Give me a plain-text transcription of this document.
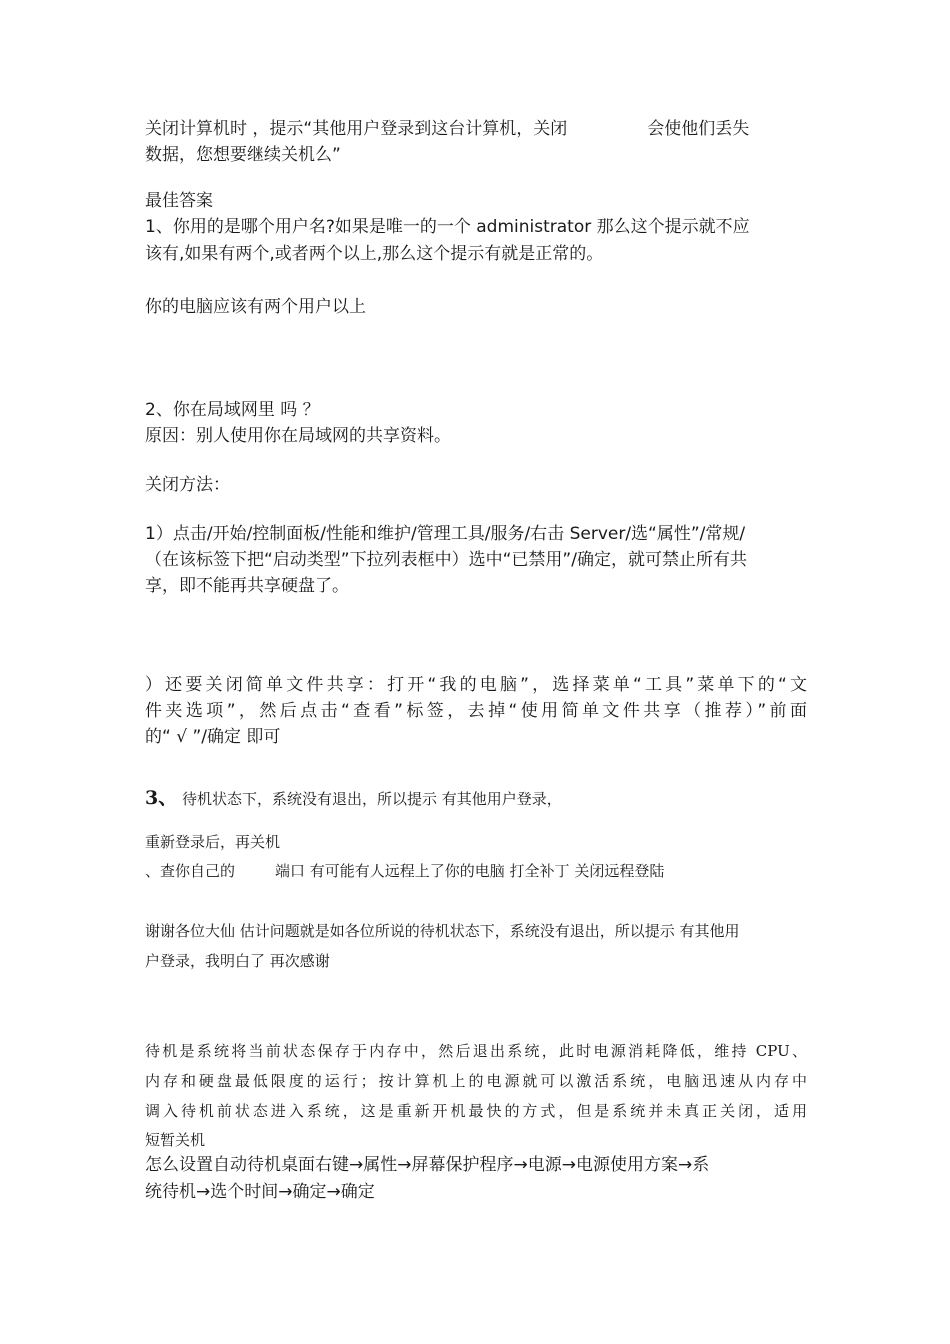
关闭计算机时 ，提示“其他用户登录到这台计算机，关闭	会使他们丢失
数据，您想要继续关机么”
最佳答案
1、你用的是哪个用户名?如果是唯一的一个 administrator 那么这个提示就不应
该有,如果有两个,或者两个以上,那么这个提示有就是正常的。
你的电脑应该有两个用户以上
2、你在局域网里 吗 ？
原因：别人使用你在局域网的共享资料。
关闭方法：
1）点击/开始/控制面板/性能和维护/管理工具/服务/右击 Server/选“属性”/常规/
（在该标签下把“启动类型”下拉列表框中）选中“已禁用”/确定，就可禁止所有共
享，即不能再共享硬盘了。
）还要关闭简单文件共享：打开“我的电脑”，选择菜单“工具”菜单下的“文
件夹选项”，然后点击“查看”标签，去掉“使用简单文件共享（推荐）”前面
的“ √ ”/确定 即可
3、 待机状态下，系统没有退出，所以提示 有其他用户登录，
重新登录后，再关机
、查你自己的	端口 有可能有人远程上了你的电脑 打全补丁 关闭远程登陆
谢谢各位大仙 估计问题就是如各位所说的待机状态下，系统没有退出，所以提示 有其他用
户登录，我明白了 再次感谢
待机是系统将当前状态保存于内存中，然后退出系统，此时电源消耗降低，维持 CPU、
内存和硬盘最低限度的运行；按计算机上的电源就可以激活系统，电脑迅速从内存中
调入待机前状态进入系统，这是重新开机最快的方式，但是系统并未真正关闭，适用
短暂关机
怎么设置自动待机桌面右键→属性→屏幕保护程序→电源→电源使用方案→系
统待机→选个时间→确定→确定
